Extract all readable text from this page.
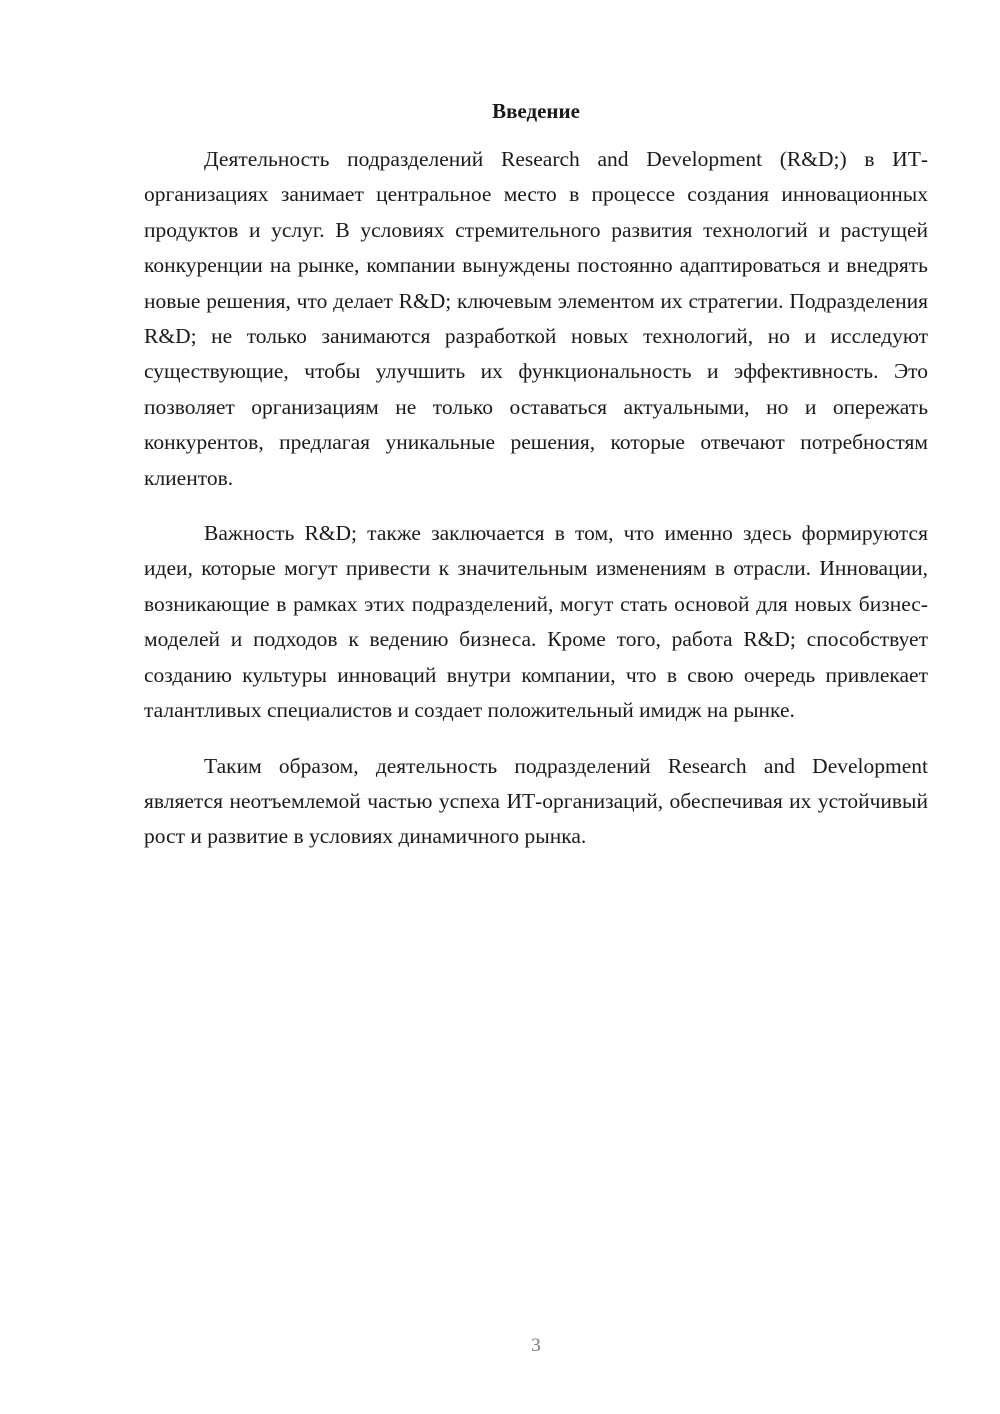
Введение

Деятельность подразделений Research and Development (R&D;) в ИТ-организациях занимает центральное место в процессе создания инновационных продуктов и услуг. В условиях стремительного развития технологий и растущей конкуренции на рынке, компании вынуждены постоянно адаптироваться и внедрять новые решения, что делает R&D; ключевым элементом их стратегии. Подразделения R&D; не только занимаются разработкой новых технологий, но и исследуют существующие, чтобы улучшить их функциональность и эффективность. Это позволяет организациям не только оставаться актуальными, но и опережать конкурентов, предлагая уникальные решения, которые отвечают потребностям клиентов.

Важность R&D; также заключается в том, что именно здесь формируются идеи, которые могут привести к значительным изменениям в отрасли. Инновации, возникающие в рамках этих подразделений, могут стать основой для новых бизнес-моделей и подходов к ведению бизнеса. Кроме того, работа R&D; способствует созданию культуры инноваций внутри компании, что в свою очередь привлекает талантливых специалистов и создает положительный имидж на рынке.

Таким образом, деятельность подразделений Research and Development является неотъемлемой частью успеха ИТ-организаций, обеспечивая их устойчивый рост и развитие в условиях динамичного рынка.

3
